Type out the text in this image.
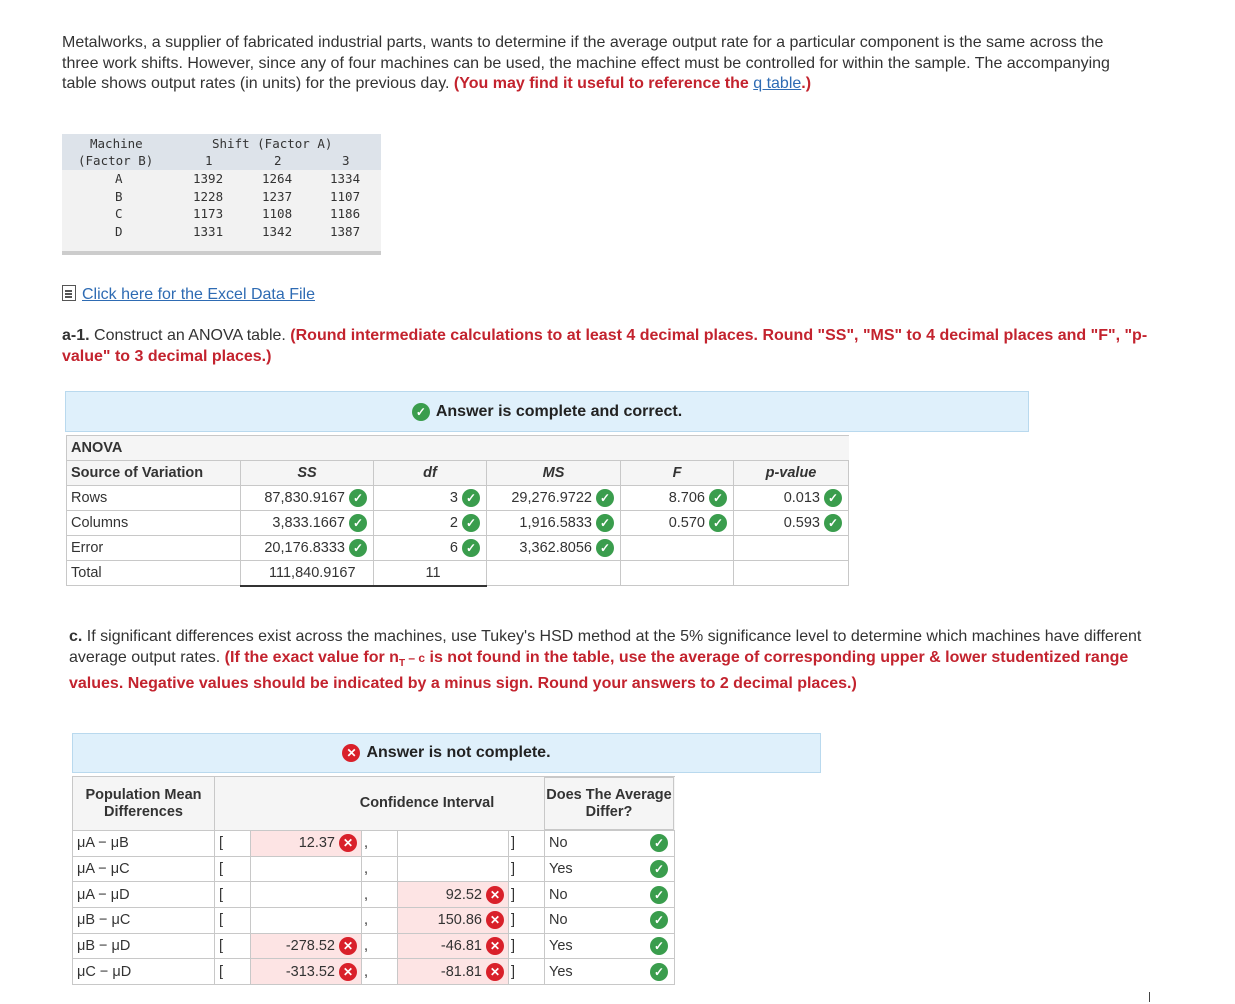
Metalworks, a supplier of fabricated industrial parts, wants to determine if the average output rate for a particular component is the same across the three work shifts. However, since any of four machines can be used, the machine effect must be controlled for within the sample. The accompanying table shows output rates (in units) for the previous day. (You may find it useful to reference the q table.)
Machine
(Factor B)
Shift (Factor A)
1	2	3
A	1392	1264	1334
B	1228	1237	1107
C	1173	1108	1186
D	1331	1342	1387
Click here for the Excel Data File
a-1. Construct an ANOVA table. (Round intermediate calculations to at least 4 decimal places. Round "SS", "MS" to 4 decimal places and "F", "p-value" to 3 decimal places.)
✓ Answer is complete and correct.
ANOVA					
Source of Variation	SS	df	MS	F	p-value
Rows	87,830.9167 ✓	3 ✓	29,276.9722 ✓	8.706 ✓	0.013 ✓
Columns	3,833.1667 ✓	2 ✓	1,916.5833 ✓	0.570 ✓	0.593 ✓
Error	20,176.8333 ✓	6 ✓	3,362.8056 ✓		
Total	111,840.9167	11			
c. If significant differences exist across the machines, use Tukey's HSD method at the 5% significance level to determine which machines have different average output rates. (If the exact value for $n_T$ – c is not found in the table, use the average of corresponding upper & lower studentized range values. Negative values should be indicated by a minus sign. Round your answers to 2 decimal places.)
✕ Answer is not complete.
Population Mean Differences	Confidence Interval	
μA − μB	[	12.37 ✕	,		]	No	✓
μA − μC	[		,		]	Yes	✓
μA − μD	[		,	92.52 ✕	]	No	✓
μB − μC	[		,	150.86 ✕	]	No	✓
μB − μD	[	-278.52 ✕	,	-46.81 ✕	]	Yes	✓
μC − μD	[	-313.52 ✕	,	-81.81 ✕	]	Yes	✓
Does The Average Differ?
